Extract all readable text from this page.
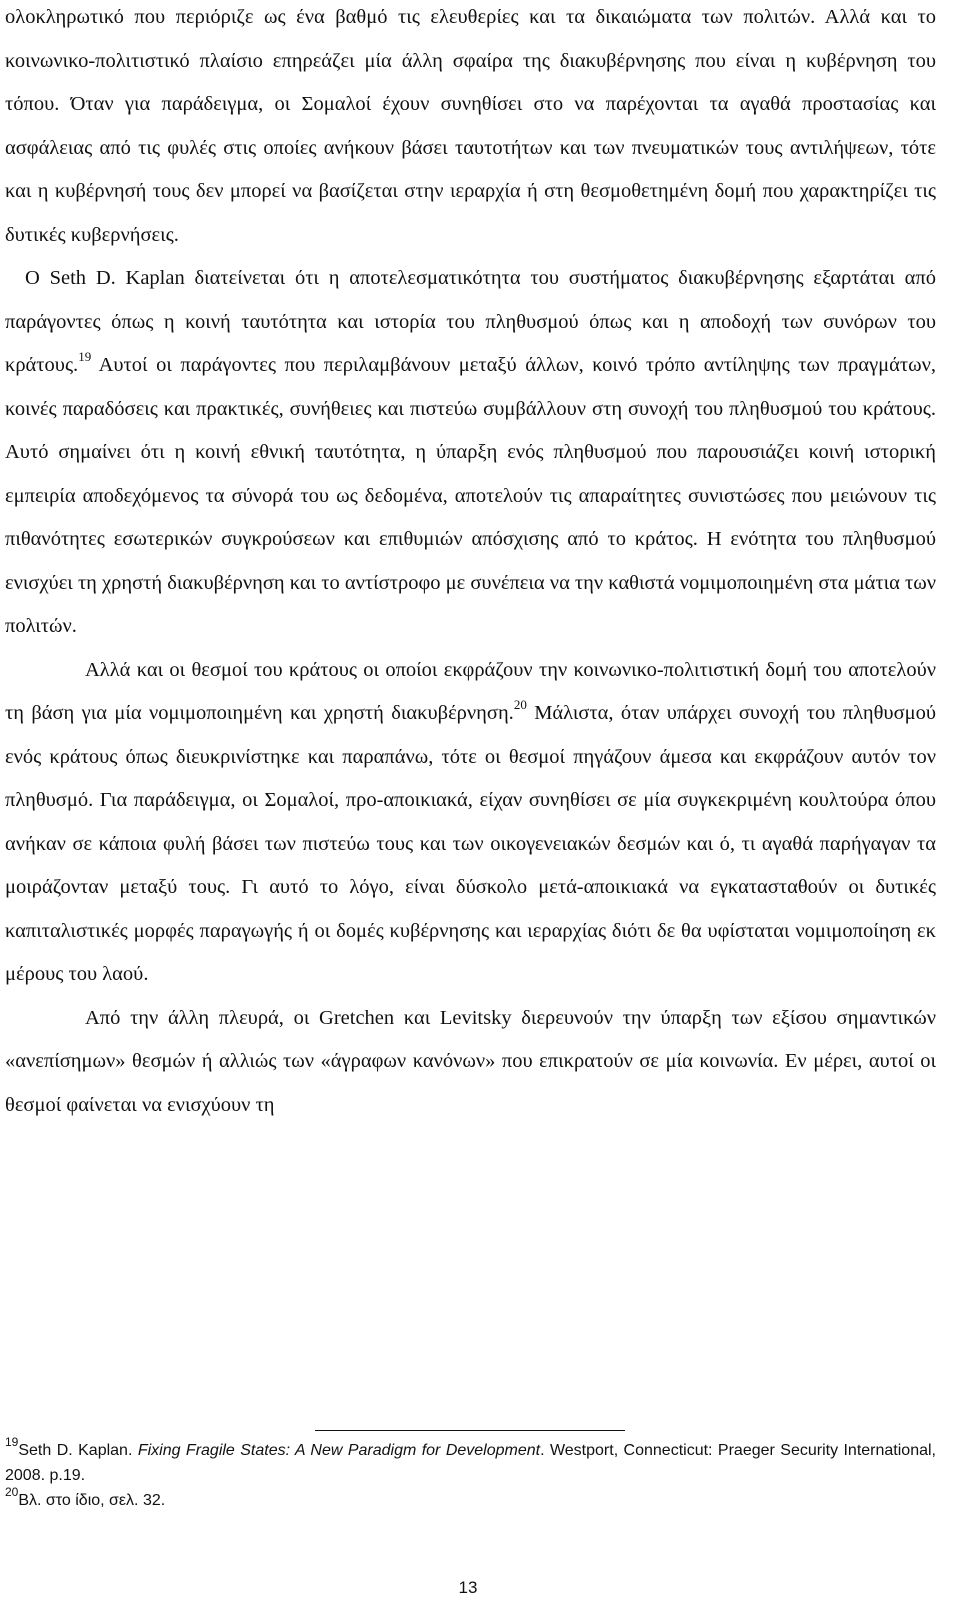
ολοκληρωτικό που περιόριζε ως ένα βαθμό τις ελευθερίες και τα δικαιώματα των πολιτών. Αλλά και το κοινωνικο-πολιτιστικό πλαίσιο επηρεάζει μία άλλη σφαίρα της διακυβέρνησης που είναι η κυβέρνηση του τόπου. Όταν για παράδειγμα, οι Σομαλοί έχουν συνηθίσει στο να παρέχονται τα αγαθά προστασίας και ασφάλειας από τις φυλές στις οποίες ανήκουν βάσει ταυτοτήτων και των πνευματικών τους αντιλήψεων, τότε και η κυβέρνησή τους δεν μπορεί να βασίζεται στην ιεραρχία ή στη θεσμοθετημένη δομή που χαρακτηρίζει τις δυτικές κυβερνήσεις.

Ο Seth D. Kaplan διατείνεται ότι η αποτελεσματικότητα του συστήματος διακυβέρνησης εξαρτάται από παράγοντες όπως η κοινή ταυτότητα και ιστορία του πληθυσμού όπως και η αποδοχή των συνόρων του κράτους.$^{19}$ Αυτοί οι παράγοντες που περιλαμβάνουν μεταξύ άλλων, κοινό τρόπο αντίληψης των πραγμάτων, κοινές παραδόσεις και πρακτικές, συνήθειες και πιστεύω συμβάλλουν στη συνοχή του πληθυσμού του κράτους. Αυτό σημαίνει ότι η κοινή εθνική ταυτότητα, η ύπαρξη ενός πληθυσμού που παρουσιάζει κοινή ιστορική εμπειρία αποδεχόμενος τα σύνορά του ως δεδομένα, αποτελούν τις απαραίτητες συνιστώσες που μειώνουν τις πιθανότητες εσωτερικών συγκρούσεων και επιθυμιών απόσχισης από το κράτος. Η ενότητα του πληθυσμού ενισχύει τη χρηστή διακυβέρνηση και το αντίστροφο με συνέπεια να την καθιστά νομιμοποιημένη στα μάτια των πολιτών.

Αλλά και οι θεσμοί του κράτους οι οποίοι εκφράζουν την κοινωνικο-πολιτιστική δομή του αποτελούν τη βάση για μία νομιμοποιημένη και χρηστή διακυβέρνηση.$^{20}$ Μάλιστα, όταν υπάρχει συνοχή του πληθυσμού ενός κράτους όπως διευκρινίστηκε και παραπάνω, τότε οι θεσμοί πηγάζουν άμεσα και εκφράζουν αυτόν τον πληθυσμό. Για παράδειγμα, οι Σομαλοί, προ-αποικιακά, είχαν συνηθίσει σε μία συγκεκριμένη κουλτούρα όπου ανήκαν σε κάποια φυλή βάσει των πιστεύω τους και των οικογενειακών δεσμών και ό, τι αγαθά παρήγαγαν τα μοιράζονταν μεταξύ τους. Γι αυτό το λόγο, είναι δύσκολο μετά-αποικιακά να εγκατασταθούν οι δυτικές καπιταλιστικές μορφές παραγωγής ή οι δομές κυβέρνησης και ιεραρχίας διότι δε θα υφίσταται νομιμοποίηση εκ μέρους του λαού.

Από την άλλη πλευρά, οι Gretchen και Levitsky διερευνούν την ύπαρξη των εξίσου σημαντικών «ανεπίσημων» θεσμών ή αλλιώς των «άγραφων κανόνων» που επικρατούν σε μία κοινωνία. Εν μέρει, αυτοί οι θεσμοί φαίνεται να ενισχύουν τη

$^{19}$Seth D. Kaplan. Fixing Fragile States: A New Paradigm for Development. Westport, Connecticut: Praeger Security International, 2008. p.19.

$^{20}$Βλ. στο ίδιο, σελ. 32.

13
